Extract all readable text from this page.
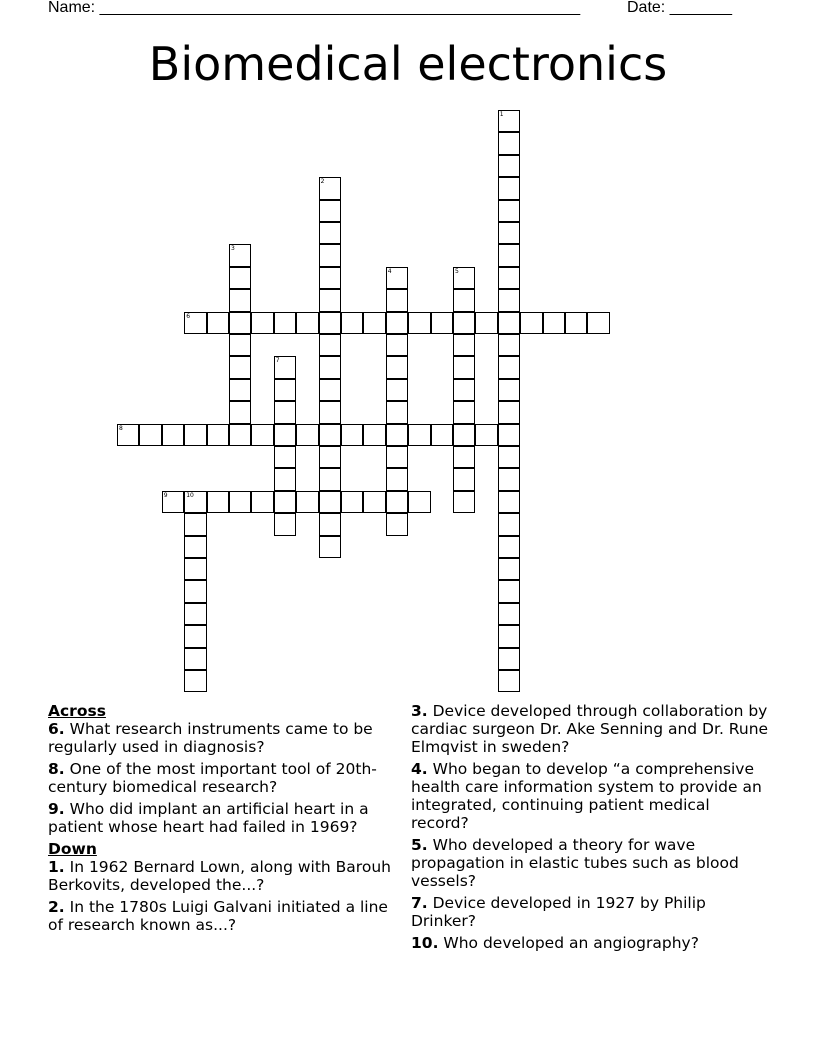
Name: ______________________________________________________	Date: _______
Biomedical electronics
1
2
3
4	5
6
7
8
9	10

Across

6. What research instruments came to be regularly used in diagnosis?

8. One of the most important tool of 20th-century biomedical research?

9. Who did implant an artificial heart in a patient whose heart had failed in 1969?

Down

1. In 1962 Bernard Lown, along with Barouh Berkovits, developed the...?

2. In the 1780s Luigi Galvani initiated a line of research known as...?

3. Device developed through collaboration by cardiac surgeon Dr. Ake Senning and Dr. Rune Elmqvist in sweden?

4. Who began to develop “a comprehensive health care information system to provide an integrated, continuing patient medical record?

5. Who developed a theory for wave propagation in elastic tubes such as blood vessels?

7. Device developed in 1927 by Philip Drinker?

10. Who developed an angiography?
